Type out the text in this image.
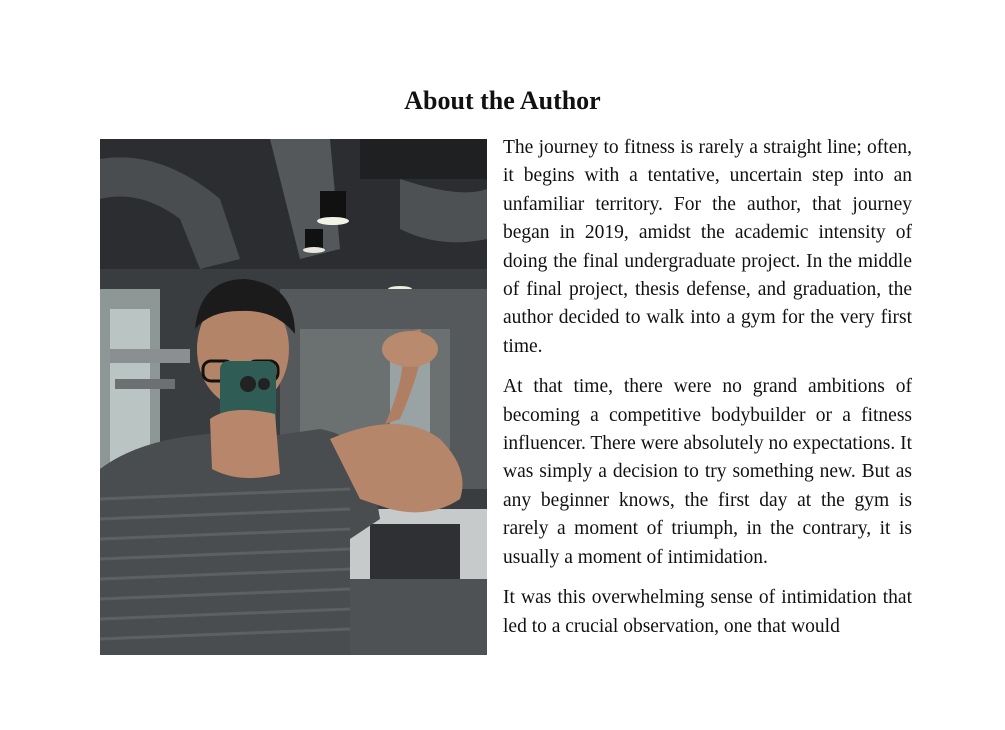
About the Author

The journey to fitness is rarely a straight line; often, it begins with a tentative, uncertain step into an unfamiliar territory. For the author, that journey began in 2019, amidst the academic intensity of doing the final undergraduate project. In the middle of final project, thesis defense, and graduation, the author decided to walk into a gym for the very first time.

At that time, there were no grand ambitions of becoming a competitive bodybuilder or a fitness influencer. There were absolutely no expectations. It was simply a decision to try something new. But as any beginner knows, the first day at the gym is rarely a moment of triumph, in the contrary, it is usually a moment of intimidation.

It was this overwhelming sense of intimidation that led to a crucial observation, one that would
